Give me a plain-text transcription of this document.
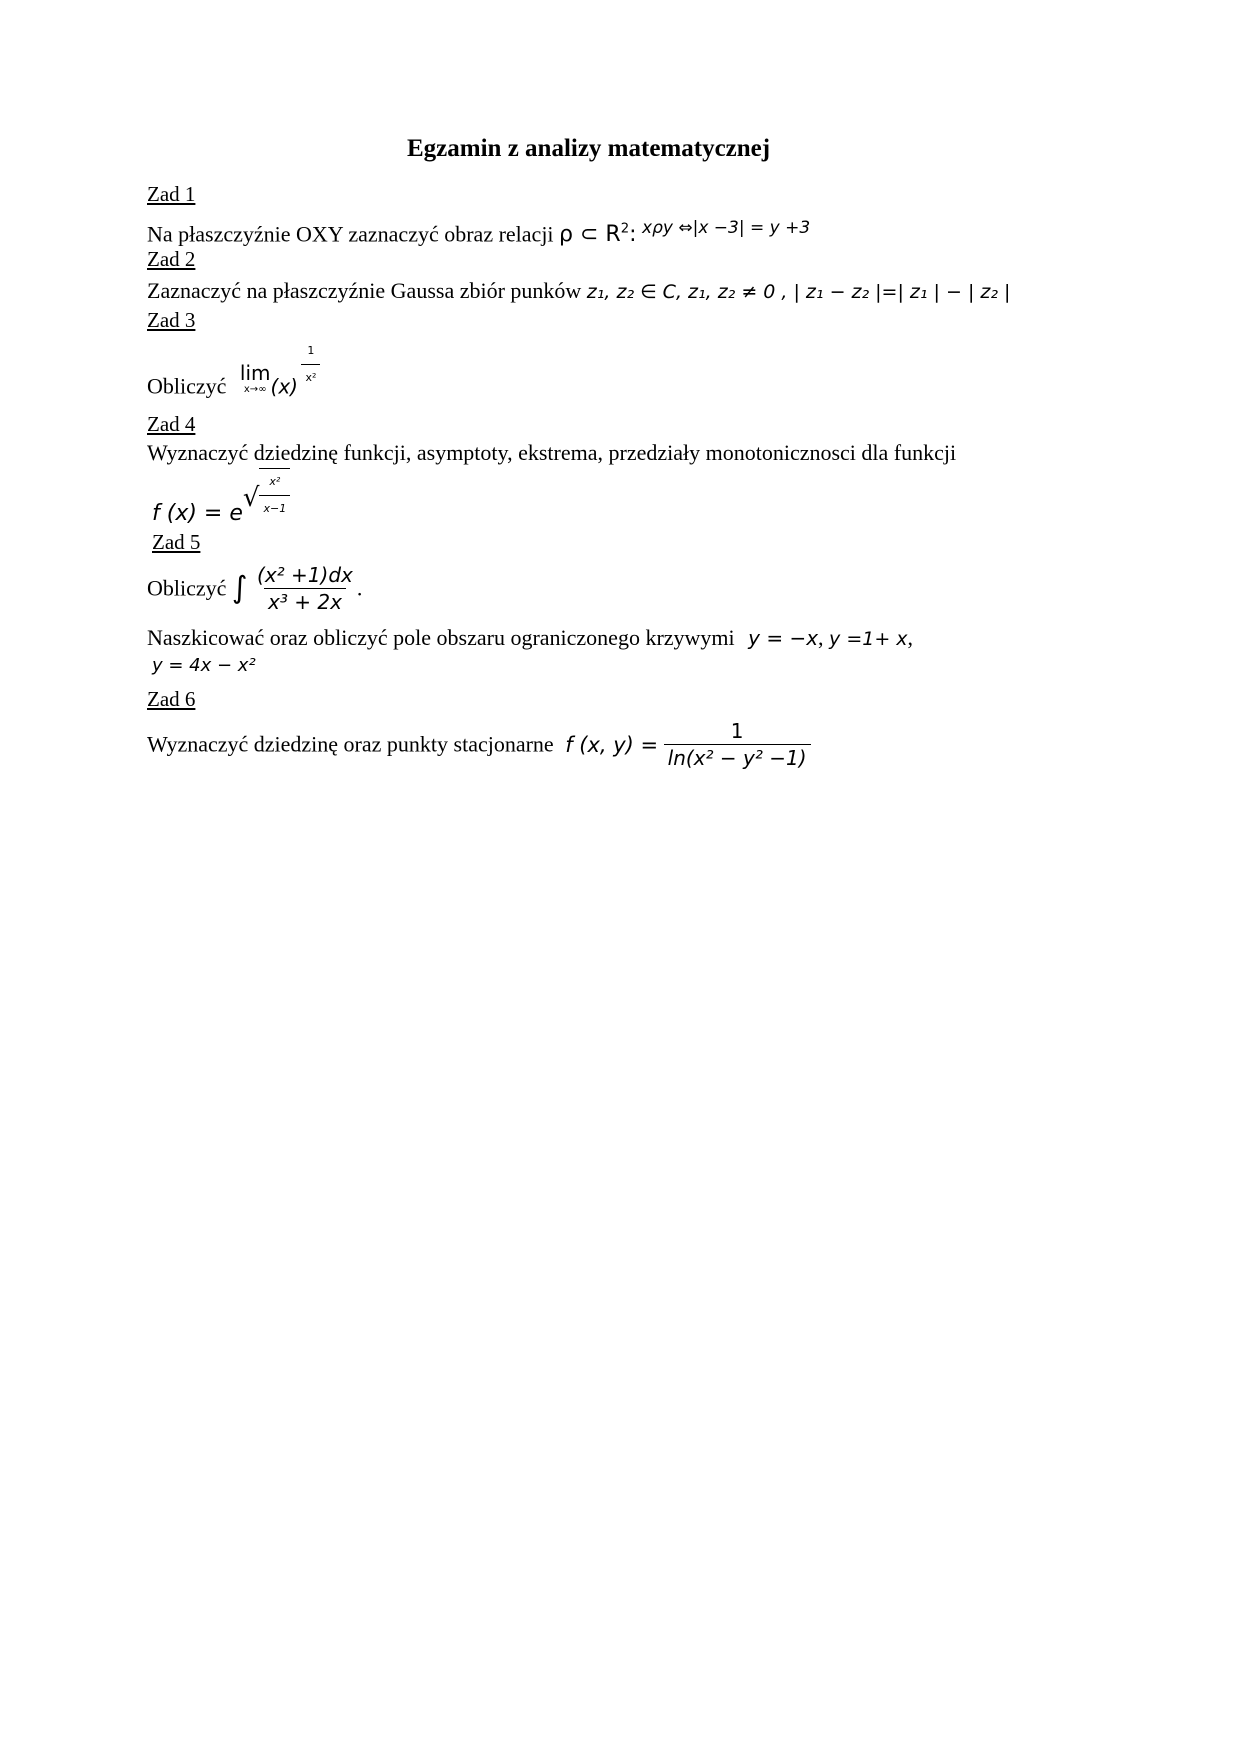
Egzamin z analizy matematycznej
Zad 1
Na płaszczyźnie OXY zaznaczyć obraz relacji ρ ⊂ $R^2$: $^{x\rho y \Leftrightarrow|x -3| = y +3}$
Zad 2
Zaznaczyć na płaszczyźnie Gaussa zbiór punków z₁, z₂ ∈ C, z₁, z₂ ≠ 0 , | z₁ − z₂ |=| z₁ | − | z₂ |
Zad 3
Obliczyć
lim
x→∞ $(x) \frac{1}{\text{x²}}$
Zad 4
Wyznaczyć dziedzinę funkcji, asymptoty, ekstrema, przedziały monotonicznosci dla funkcji
f $(x) = e√ \frac{\text{x²}}{x-1}$
Zad 5
Obliczyć ∫ $\frac{\text{(x² +1)dx}}{\text{x³ + 2x}}$ .
Naszkicować oraz obliczyć pole obszaru ograniczonego krzywymi y = −x, y =1+ x,
y = 4x − x²
Zad 6
Wyznaczyć dziedzinę oraz punkty stacjonarne f (x, $y) = \frac{1}{\text{ln(x² − y² −1)}}$
